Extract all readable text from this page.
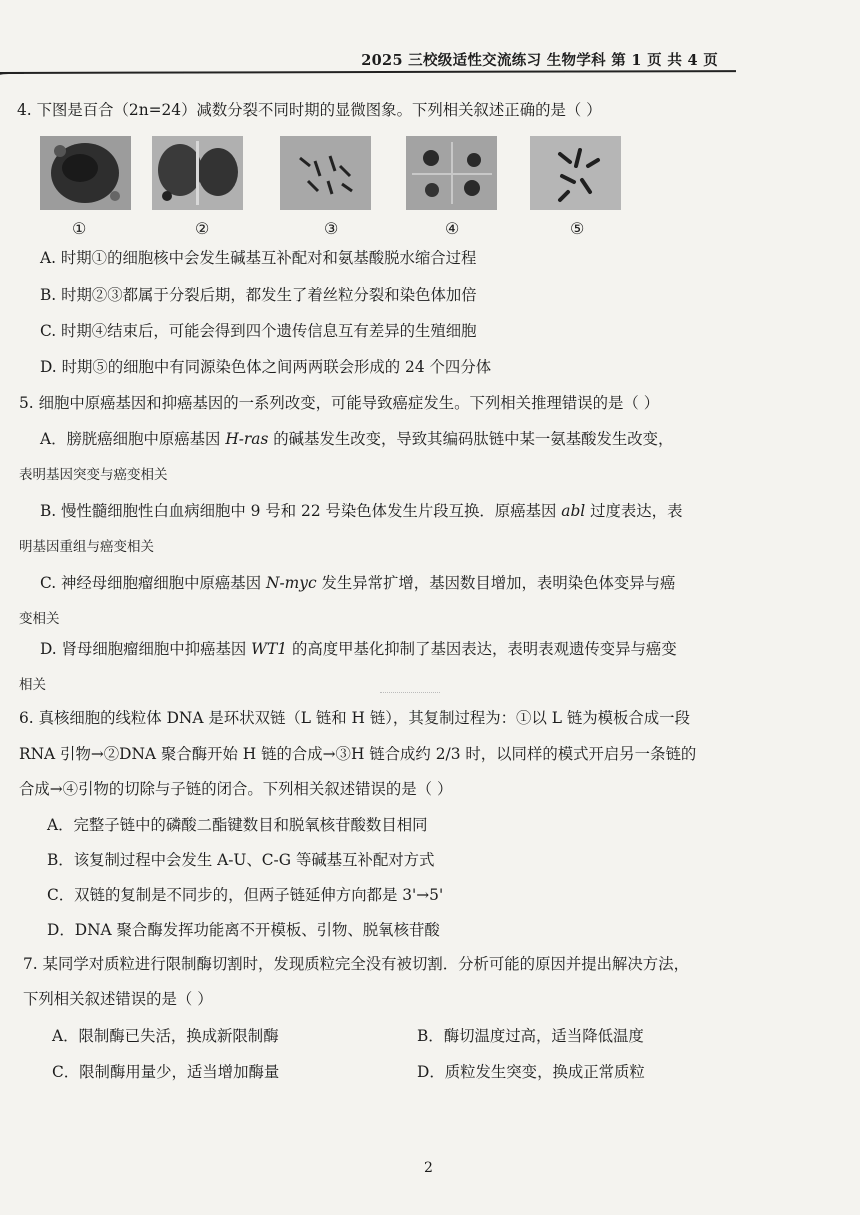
2025 三校级适性交流练习 生物学科 第 1 页 共 4 页
4. 下图是百合（2n=24）减数分裂不同时期的显微图象。下列相关叙述正确的是（ ）
①	②	③	④	⑤
A. 时期①的细胞核中会发生碱基互补配对和氨基酸脱水缩合过程
B. 时期②③都属于分裂后期，都发生了着丝粒分裂和染色体加倍
C. 时期④结束后，可能会得到四个遗传信息互有差异的生殖细胞
D. 时期⑤的细胞中有同源染色体之间两两联会形成的 24 个四分体
5. 细胞中原癌基因和抑癌基因的一系列改变，可能导致癌症发生。下列相关推理错误的是（ ）
A．膀胱癌细胞中原癌基因 H-ras 的碱基发生改变，导致其编码肽链中某一氨基酸发生改变，
表明基因突变与癌变相关
B. 慢性髓细胞性白血病细胞中 9 号和 22 号染色体发生片段互换．原癌基因 abl 过度表达，表
明基因重组与癌变相关
C. 神经母细胞瘤细胞中原癌基因 N-myc 发生异常扩增，基因数目增加，表明染色体变异与癌
变相关
D. 肾母细胞瘤细胞中抑癌基因 WT1 的高度甲基化抑制了基因表达，表明表观遗传变异与癌变
相关
6. 真核细胞的线粒体 DNA 是环状双链（L 链和 H 链），其复制过程为：①以 L 链为模板合成一段
RNA 引物→②DNA 聚合酶开始 H 链的合成→③H 链合成约 2/3 时，以同样的模式开启另一条链的
合成→④引物的切除与子链的闭合。下列相关叙述错误的是（ ）
A．完整子链中的磷酸二酯键数目和脱氧核苷酸数目相同
B．该复制过程中会发生 A-U、C-G 等碱基互补配对方式
C．双链的复制是不同步的，但两子链延伸方向都是 3'→5'
D．DNA 聚合酶发挥功能离不开模板、引物、脱氧核苷酸
7. 某同学对质粒进行限制酶切割时，发现质粒完全没有被切割．分析可能的原因并提出解决方法，
下列相关叙述错误的是（ ）
A．限制酶已失活，换成新限制酶	B．酶切温度过高，适当降低温度
C．限制酶用量少，适当增加酶量	D．质粒发生突变，换成正常质粒
2
